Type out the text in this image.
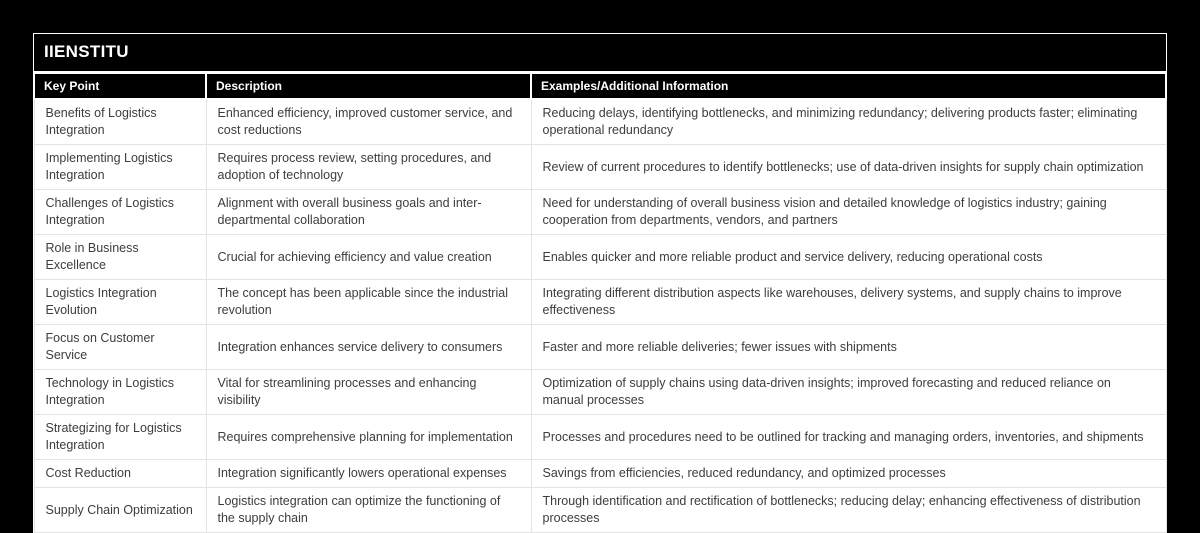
IIENSTITU
Key Point	Description	Examples/Additional Information
Benefits of Logistics Integration	Enhanced efficiency, improved customer service, and cost reductions	Reducing delays, identifying bottlenecks, and minimizing redundancy; delivering products faster; eliminating operational redundancy
Implementing Logistics Integration	Requires process review, setting procedures, and adoption of technology	Review of current procedures to identify bottlenecks; use of data-driven insights for supply chain optimization
Challenges of Logistics Integration	Alignment with overall business goals and inter-departmental collaboration	Need for understanding of overall business vision and detailed knowledge of logistics industry; gaining cooperation from departments, vendors, and partners
Role in Business Excellence	Crucial for achieving efficiency and value creation	Enables quicker and more reliable product and service delivery, reducing operational costs
Logistics Integration Evolution	The concept has been applicable since the industrial revolution	Integrating different distribution aspects like warehouses, delivery systems, and supply chains to improve effectiveness
Focus on Customer Service	Integration enhances service delivery to consumers	Faster and more reliable deliveries; fewer issues with shipments
Technology in Logistics Integration	Vital for streamlining processes and enhancing visibility	Optimization of supply chains using data-driven insights; improved forecasting and reduced reliance on manual processes
Strategizing for Logistics Integration	Requires comprehensive planning for implementation	Processes and procedures need to be outlined for tracking and managing orders, inventories, and shipments
Cost Reduction	Integration significantly lowers operational expenses	Savings from efficiencies, reduced redundancy, and optimized processes
Supply Chain Optimization	Logistics integration can optimize the functioning of the supply chain	Through identification and rectification of bottlenecks; reducing delay; enhancing effectiveness of distribution processes
